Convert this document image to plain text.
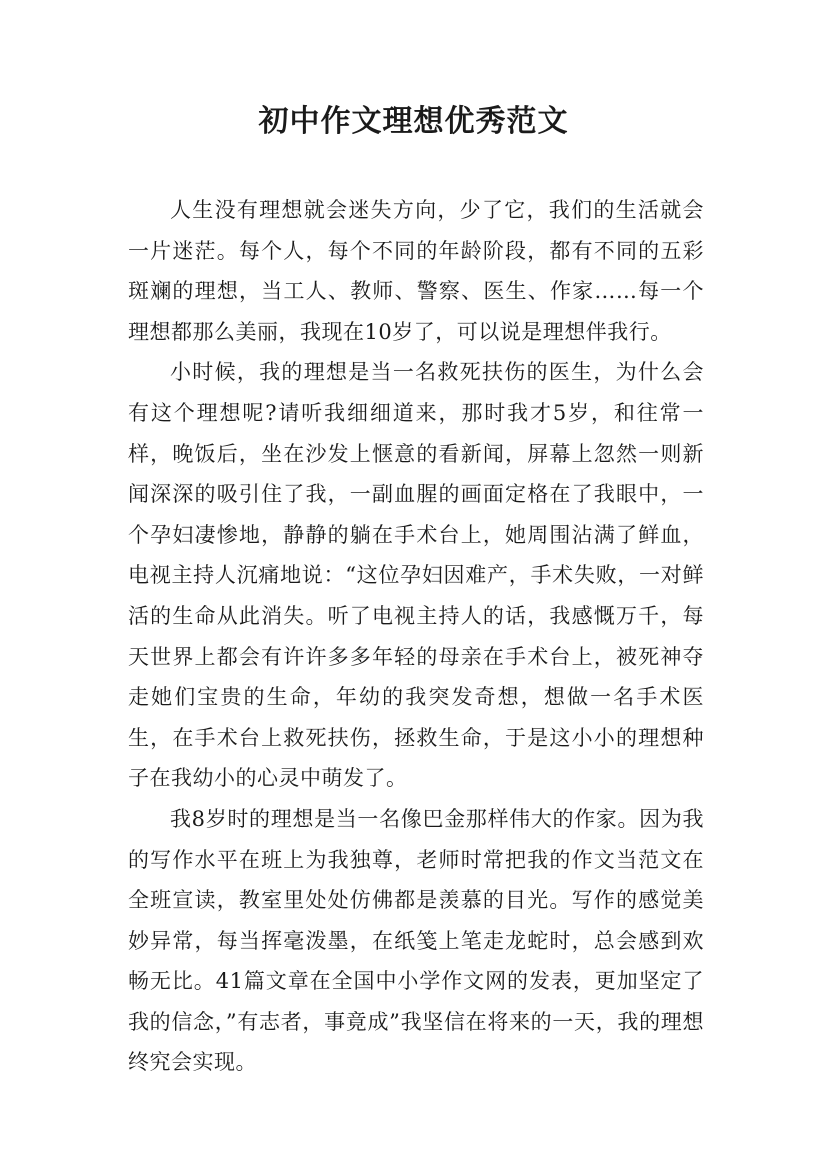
初中作文理想优秀范文

人生没有理想就会迷失方向，少了它，我们的生活就会一片迷茫。每个人，每个不同的年龄阶段，都有不同的五彩斑斓的理想，当工人、教师、警察、医生、作家……每一个理想都那么美丽，我现在10岁了，可以说是理想伴我行。

小时候，我的理想是当一名救死扶伤的医生，为什么会有这个理想呢?请听我细细道来，那时我才5岁，和往常一样，晚饭后，坐在沙发上惬意的看新闻，屏幕上忽然一则新闻深深的吸引住了我，一副血腥的画面定格在了我眼中，一个孕妇凄惨地，静静的躺在手术台上，她周围沾满了鲜血，电视主持人沉痛地说：“这位孕妇因难产，手术失败，一对鲜活的生命从此消失。听了电视主持人的话，我感慨万千，每天世界上都会有许许多多年轻的母亲在手术台上，被死神夺走她们宝贵的生命，年幼的我突发奇想，想做一名手术医生，在手术台上救死扶伤，拯救生命，于是这小小的理想种子在我幼小的心灵中萌发了。

我8岁时的理想是当一名像巴金那样伟大的作家。因为我的写作水平在班上为我独尊，老师时常把我的作文当范文在全班宣读，教室里处处仿佛都是羡慕的目光。写作的感觉美妙异常，每当挥毫泼墨，在纸笺上笔走龙蛇时，总会感到欢畅无比。41篇文章在全国中小学作文网的发表，更加坚定了我的信念，”有志者，事竟成”我坚信在将来的一天，我的理想终究会实现。
